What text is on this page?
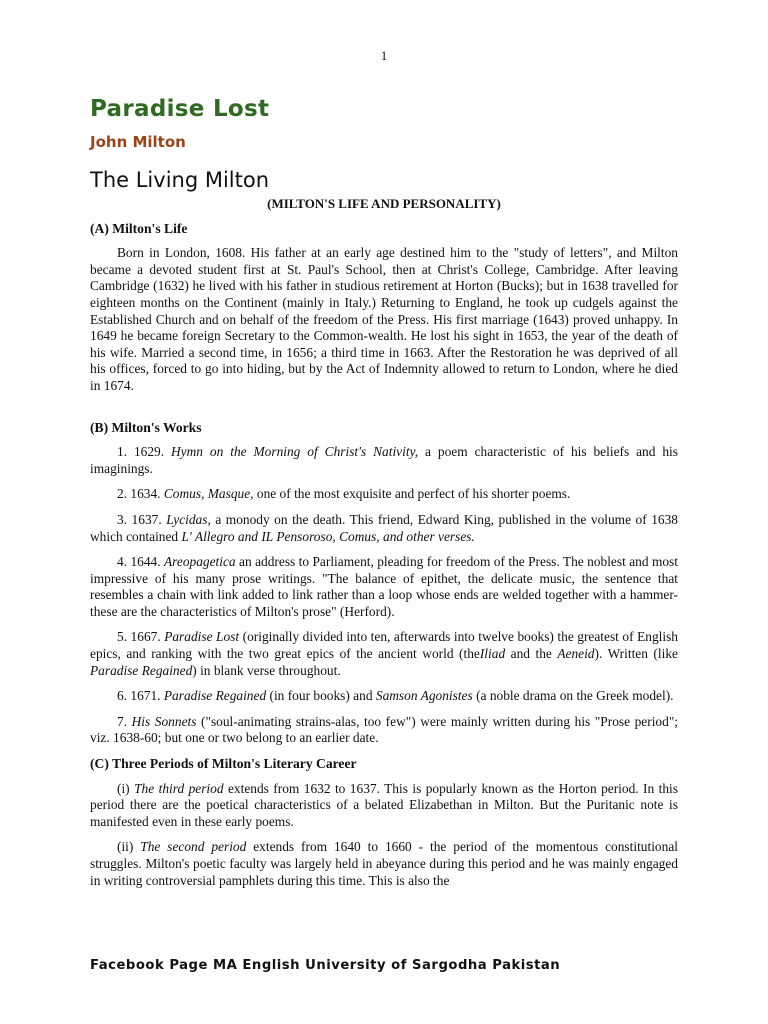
1
Paradise Lost
John Milton
The Living Milton
(MILTON'S LIFE AND PERSONALITY)
(A) Milton's Life

Born in London, 1608. His father at an early age destined him to the "study of letters", and Milton became a devoted student first at St. Paul's School, then at Christ's College, Cambridge. After leaving Cambridge (1632) he lived with his father in studious retirement at Horton (Bucks); but in 1638 travelled for eighteen months on the Continent (mainly in Italy.) Returning to England, he took up cudgels against the Established Church and on behalf of the freedom of the Press. His first marriage (1643) proved unhappy. In 1649 he became foreign Secretary to the Common-wealth. He lost his sight in 1653, the year of the death of his wife. Married a second time, in 1656; a third time in 1663. After the Restoration he was deprived of all his offices, forced to go into hiding, but by the Act of Indemnity allowed to return to London, where he died in 1674.

(B) Milton's Works

1. 1629. Hymn on the Morning of Christ's Nativity, a poem characteristic of his beliefs and his imaginings.

2. 1634. Comus, Masque, one of the most exquisite and perfect of his shorter poems.

3. 1637. Lycidas, a monody on the death. This friend, Edward King, published in the volume of 1638 which contained L' Allegro and IL Pensoroso, Comus, and other verses.

4. 1644. Areopagetica an address to Parliament, pleading for freedom of the Press. The noblest and most impressive of his many prose writings. "The balance of epithet, the delicate music, the sentence that resembles a chain with link added to link rather than a loop whose ends are welded together with a hammer- these are the characteristics of Milton's prose" (Herford).

5. 1667. Paradise Lost (originally divided into ten, afterwards into twelve books) the greatest of English epics, and ranking with the two great epics of the ancient world (theIliad and the Aeneid). Written (like Paradise Regained) in blank verse throughout.

6. 1671. Paradise Regained (in four books) and Samson Agonistes (a noble drama on the Greek model).

7. His Sonnets ("soul-animating strains-alas, too few") were mainly written during his "Prose period"; viz. 1638-60; but one or two belong to an earlier date.

(C) Three Periods of Milton's Literary Career

(i) The third period extends from 1632 to 1637. This is popularly known as the Horton period. In this period there are the poetical characteristics of a belated Elizabethan in Milton. But the Puritanic note is manifested even in these early poems.

(ii) The second period extends from 1640 to 1660 - the period of the momentous constitutional struggles. Milton's poetic faculty was largely held in abeyance during this period and he was mainly engaged in writing controversial pamphlets during this time. This is also the

Facebook Page MA English University of Sargodha Pakistan
